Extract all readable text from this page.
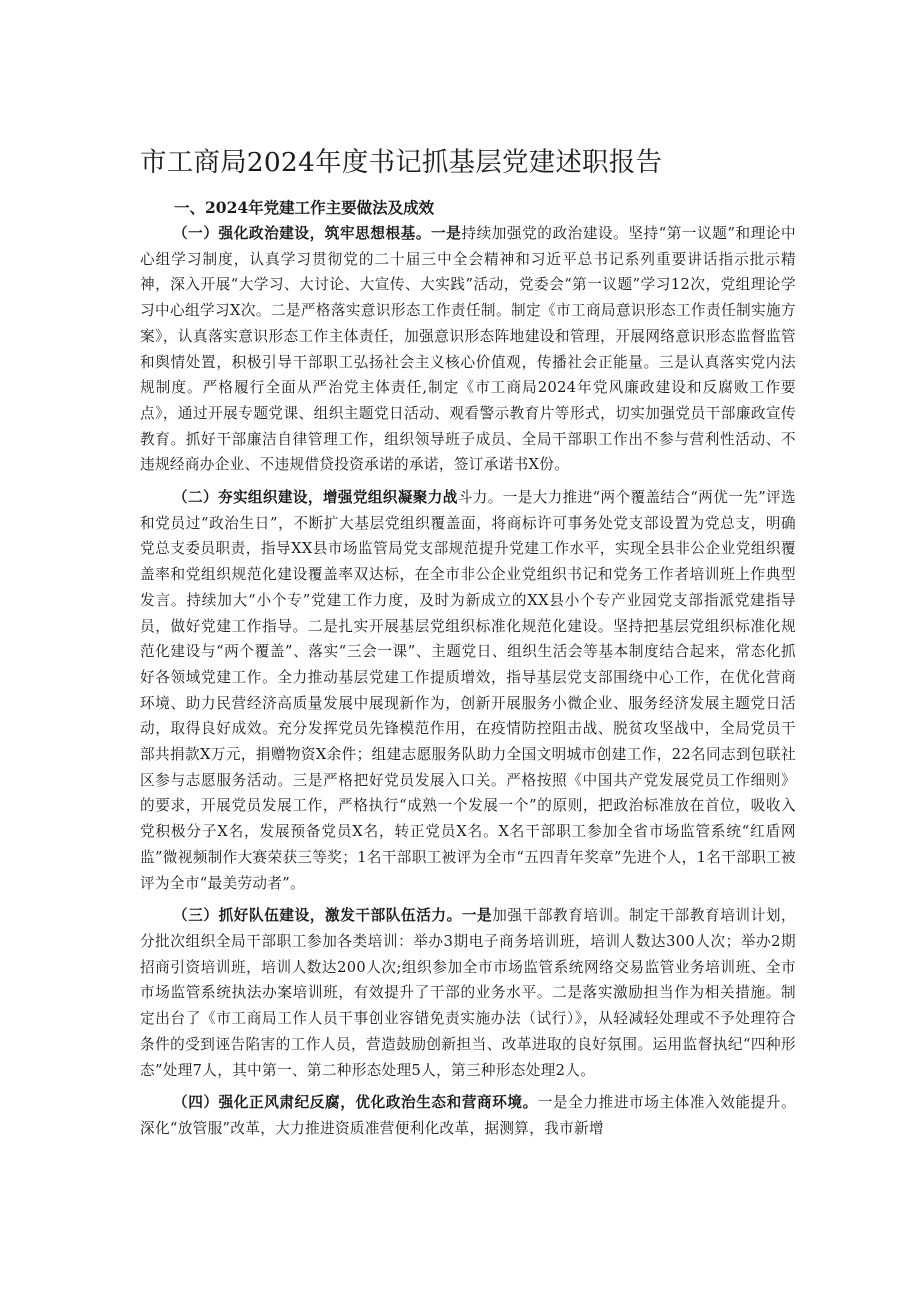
市工商局2024年度书记抓基层党建述职报告
一、2024年党建工作主要做法及成效

（一）强化政治建设，筑牢思想根基。一是持续加强党的政治建设。坚持“第一议题”和理论中心组学习制度，认真学习贯彻党的二十届三中全会精神和习近平总书记系列重要讲话指示批示精神，深入开展“大学习、大讨论、大宣传、大实践”活动，党委会“第一议题”学习12次，党组理论学习中心组学习X次。二是严格落实意识形态工作责任制。制定《市工商局意识形态工作责任制实施方案》，认真落实意识形态工作主体责任，加强意识形态阵地建设和管理，开展网络意识形态监督监管和舆情处置，积极引导干部职工弘扬社会主义核心价值观，传播社会正能量。三是认真落实党内法规制度。严格履行全面从严治党主体责任,制定《市工商局2024年党风廉政建设和反腐败工作要点》，通过开展专题党课、组织主题党日活动、观看警示教育片等形式，切实加强党员干部廉政宣传教育。抓好干部廉洁自律管理工作，组织领导班子成员、全局干部职工作出不参与营利性活动、不违规经商办企业、不违规借贷投资承诺的承诺，签订承诺书X份。

（二）夯实组织建设，增强党组织凝聚力战斗力。一是大力推进“两个覆盖结合“两优一先”评选和党员过“政治生日”，不断扩大基层党组织覆盖面，将商标许可事务处党支部设置为党总支，明确党总支委员职责，指导XX县市场监管局党支部规范提升党建工作水平，实现全县非公企业党组织覆盖率和党组织规范化建设覆盖率双达标，在全市非公企业党组织书记和党务工作者培训班上作典型发言。持续加大“小个专”党建工作力度，及时为新成立的XX县小个专产业园党支部指派党建指导员，做好党建工作指导。二是扎实开展基层党组织标准化规范化建设。坚持把基层党组织标准化规范化建设与“两个覆盖”、落实“三会一课”、主题党日、组织生活会等基本制度结合起来，常态化抓好各领域党建工作。全力推动基层党建工作提质增效，指导基层党支部围绕中心工作，在优化营商环境、助力民营经济高质量发展中展现新作为，创新开展服务小微企业、服务经济发展主题党日活动，取得良好成效。充分发挥党员先锋模范作用，在疫情防控阻击战、脱贫攻坚战中，全局党员干部共捐款X万元，捐赠物资X余件；组建志愿服务队助力全国文明城市创建工作，22名同志到包联社区参与志愿服务活动。三是严格把好党员发展入口关。严格按照《中国共产党发展党员工作细则》的要求，开展党员发展工作，严格执行“成熟一个发展一个”的原则，把政治标准放在首位，吸收入党积极分子X名，发展预备党员X名，转正党员X名。X名干部职工参加全省市场监管系统“红盾网监”微视频制作大赛荣获三等奖；1名干部职工被评为全市“五四青年奖章”先进个人，1名干部职工被评为全市“最美劳动者”。

（三）抓好队伍建设，激发干部队伍活力。一是加强干部教育培训。制定干部教育培训计划，分批次组织全局干部职工参加各类培训：举办3期电子商务培训班，培训人数达300人次；举办2期招商引资培训班，培训人数达200人次;组织参加全市市场监管系统网络交易监管业务培训班、全市市场监管系统执法办案培训班，有效提升了干部的业务水平。二是落实激励担当作为相关措施。制定出台了《市工商局工作人员干事创业容错免责实施办法（试行）》，从轻减轻处理或不予处理符合条件的受到诬告陷害的工作人员，营造鼓励创新担当、改革进取的良好氛围。运用监督执纪“四种形态”处理7人，其中第一、第二种形态处理5人，第三种形态处理2人。

（四）强化正风肃纪反腐，优化政治生态和营商环境。一是全力推进市场主体准入效能提升。深化“放管服”改革，大力推进资质准营便利化改革，据测算，我市新增
